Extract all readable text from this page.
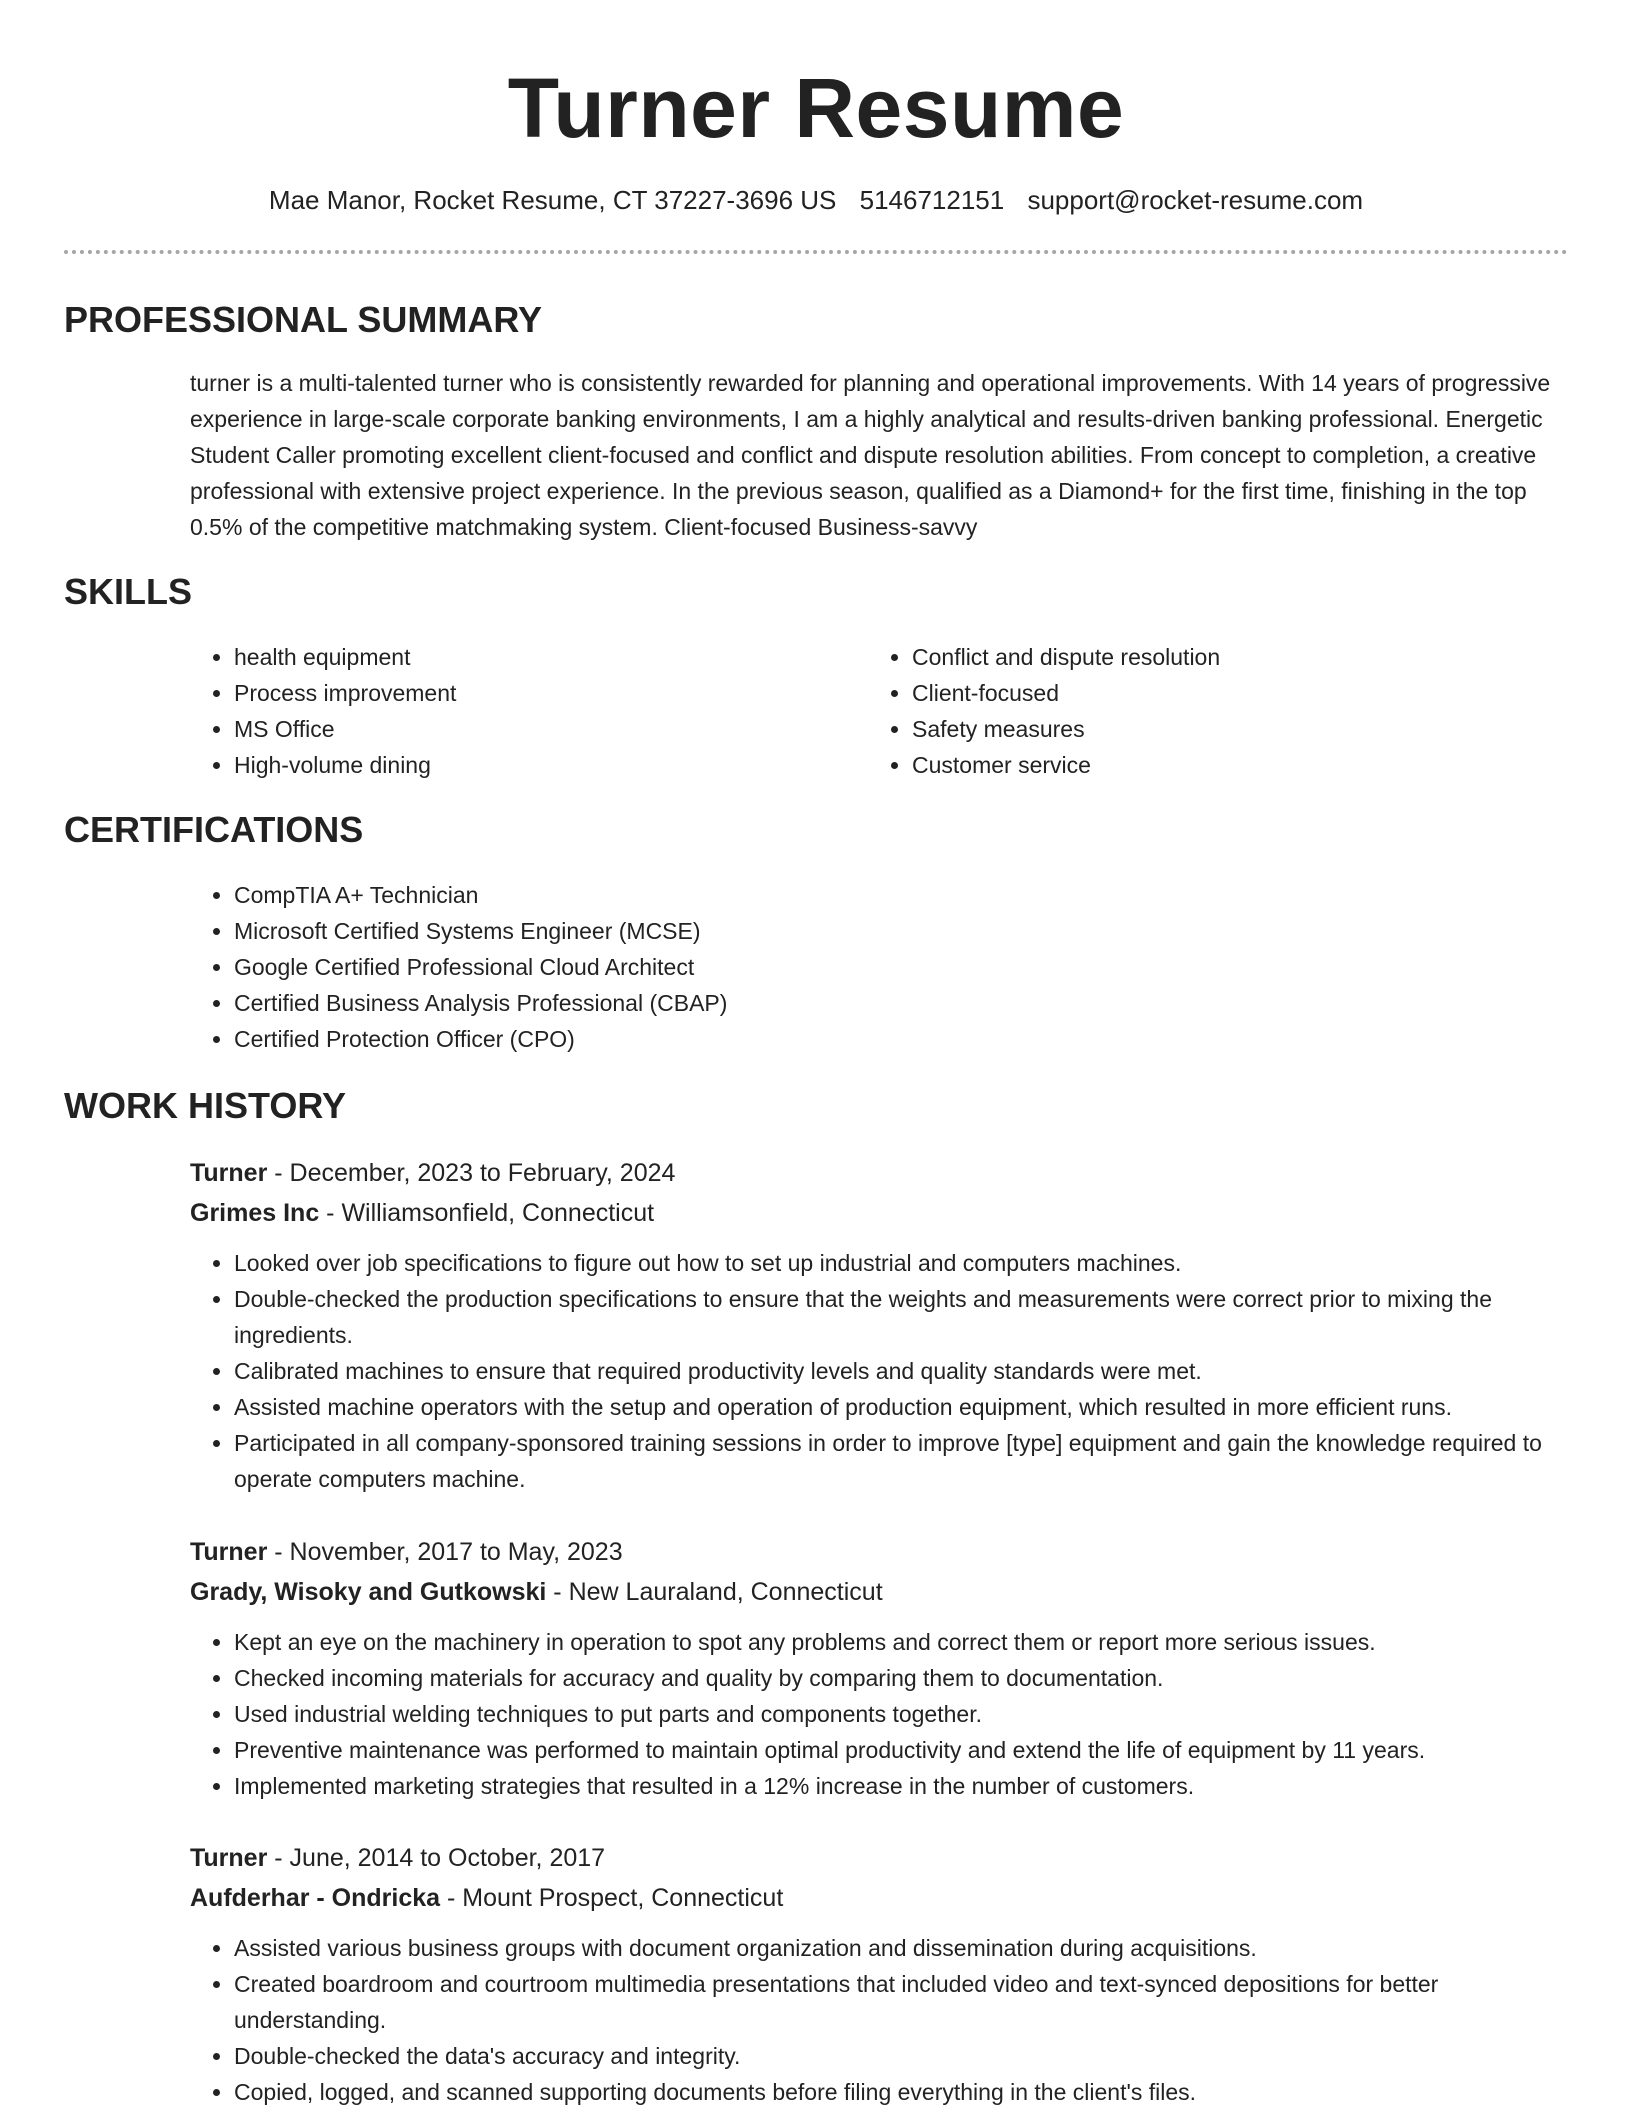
Turner Resume
Mae Manor, Rocket Resume, CT 37227-3696 US 5146712151 support@rocket-resume.com
PROFESSIONAL SUMMARY

turner is a multi-talented turner who is consistently rewarded for planning and operational improvements. With 14 years of progressive experience in large-scale corporate banking environments, I am a highly analytical and results-driven banking professional. Energetic Student Caller promoting excellent client-focused and conflict and dispute resolution abilities. From concept to completion, a creative professional with extensive project experience. In the previous season, qualified as a Diamond+ for the first time, finishing in the top 0.5% of the competitive matchmaking system. Client-focused Business-savvy

SKILLS
• health equipment
• Process improvement
• MS Office
• High-volume dining
• Conflict and dispute resolution
• Client-focused
• Safety measures
• Customer service
CERTIFICATIONS
• CompTIA A+ Technician
• Microsoft Certified Systems Engineer (MCSE)
• Google Certified Professional Cloud Architect
• Certified Business Analysis Professional (CBAP)
• Certified Protection Officer (CPO)
WORK HISTORY

Turner - December, 2023 to February, 2024

Grimes Inc - Williamsonfield, Connecticut

• Looked over job specifications to figure out how to set up industrial and computers machines.
• Double-checked the production specifications to ensure that the weights and measurements were correct prior to mixing the ingredients.
• Calibrated machines to ensure that required productivity levels and quality standards were met.
• Assisted machine operators with the setup and operation of production equipment, which resulted in more efficient runs.
• Participated in all company-sponsored training sessions in order to improve [type] equipment and gain the knowledge required to operate computers machine.

Turner - November, 2017 to May, 2023

Grady, Wisoky and Gutkowski - New Lauraland, Connecticut

• Kept an eye on the machinery in operation to spot any problems and correct them or report more serious issues.
• Checked incoming materials for accuracy and quality by comparing them to documentation.
• Used industrial welding techniques to put parts and components together.
• Preventive maintenance was performed to maintain optimal productivity and extend the life of equipment by 11 years.
• Implemented marketing strategies that resulted in a 12% increase in the number of customers.

Turner - June, 2014 to October, 2017

Aufderhar - Ondricka - Mount Prospect, Connecticut

• Assisted various business groups with document organization and dissemination during acquisitions.
• Created boardroom and courtroom multimedia presentations that included video and text-synced depositions for better understanding.
• Double-checked the data's accuracy and integrity.
• Copied, logged, and scanned supporting documents before filing everything in the client's files.
